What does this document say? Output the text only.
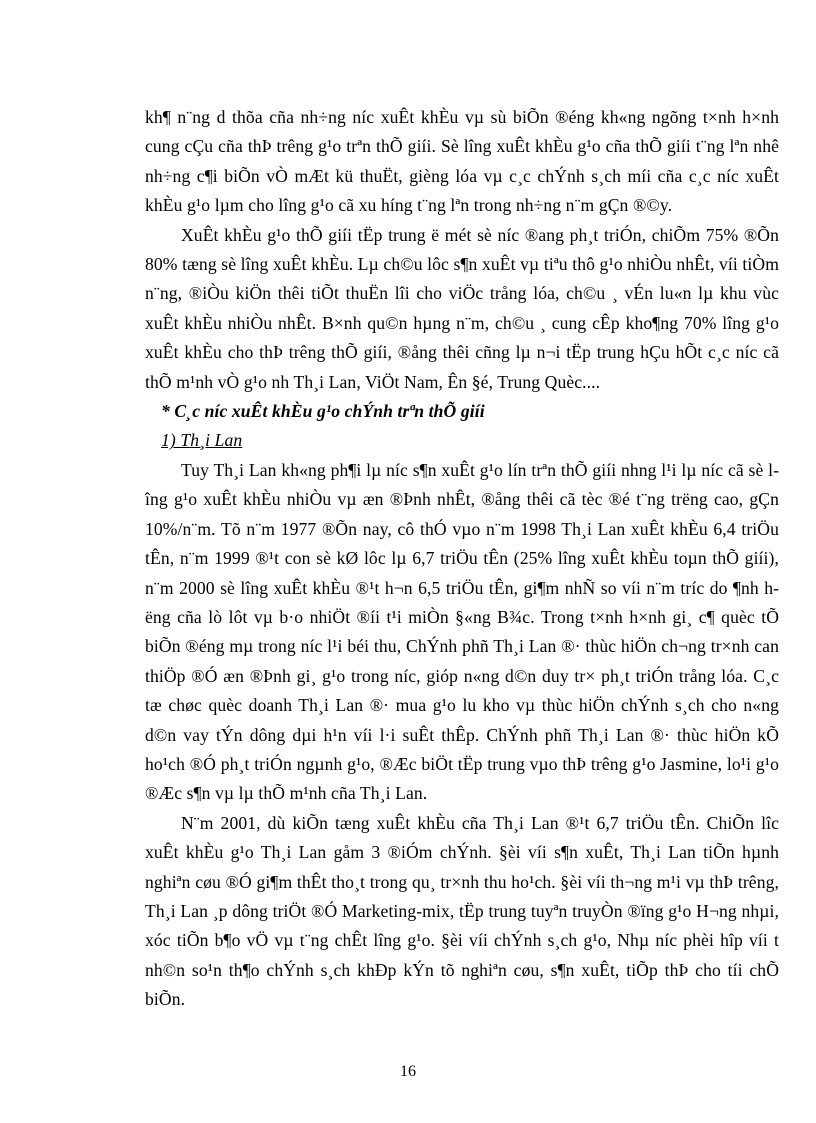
kh¶ n¨ng d thõa cña nh÷ng níc xuÊt khÈu vµ sù biÕn ®éng kh«ng ngõng t×nh h×nh cung cÇu cña thÞ trêng g¹o trªn thÕ giíi. Sè lîng xuÊt khÈu g¹o cña thÕ giíi t¨ng lªn nhê nh÷ng c¶i biÕn vÒ mÆt kü thuËt, gièng lóa vµ c¸c chÝnh s¸ch míi cña c¸c níc xuÊt khÈu g¹o lµm cho lîng g¹o cã xu híng t¨ng lªn trong nh÷ng n¨m gÇn ®©y.

XuÊt khÈu g¹o thÕ giíi tËp trung ë mét sè níc ®ang ph¸t triÓn, chiÕm 75% ®Õn 80% tæng sè lîng xuÊt khÈu. Lµ ch©u lôc s¶n xuÊt vµ tiªu thô g¹o nhiÒu nhÊt, víi tiÒm n¨ng, ®iÒu kiÖn thêi tiÕt thuËn lîi cho viÖc trång lóa, ch©u ¸ vÉn lu«n lµ khu vùc xuÊt khÈu nhiÒu nhÊt. B×nh qu©n hµng n¨m, ch©u ¸ cung cÊp kho¶ng 70% lîng g¹o xuÊt khÈu cho thÞ trêng thÕ giíi, ®ång thêi cñng lµ n¬i tËp trung hÇu hÕt c¸c níc cã thÕ m¹nh vÒ g¹o nh Th¸i Lan, ViÖt Nam, Ên §é, Trung Quèc....

* C¸c níc xuÊt khÈu g¹o chÝnh trªn thÕ giíi

1) Th¸i Lan

Tuy Th¸i Lan kh«ng ph¶i lµ níc s¶n xuÊt g¹o lín trªn thÕ giíi nhng l¹i lµ níc cã sè lîng g¹o xuÊt khÈu nhiÒu vµ æn ®Þnh nhÊt, ®ång thêi cã tèc ®é t¨ng trëng cao, gÇn 10%/n¨m. Tõ n¨m 1977 ®Õn nay, cô thÓ vµo n¨m 1998 Th¸i Lan xuÊt khÈu 6,4 triÖu tÊn, n¨m 1999 ®¹t con sè kØ lôc lµ 6,7 triÖu tÊn (25% lîng xuÊt khÈu toµn thÕ giíi), n¨m 2000 sè lîng xuÊt khÈu ®¹t h¬n 6,5 triÖu tÊn, gi¶m nhÑ so víi n¨m tríc do ¶nh hëng cña lò lôt vµ b·o nhiÖt ®íi t¹i miÒn §«ng B¾c. Trong t×nh h×nh gi¸ c¶ quèc tÕ biÕn ®éng mµ trong níc l¹i béi thu, ChÝnh phñ Th¸i Lan ®· thùc hiÖn ch¬ng tr×nh can thiÖp ®Ó æn ®Þnh gi¸ g¹o trong níc, gióp n«ng d©n duy tr× ph¸t triÓn trång lóa. C¸c tæ chøc quèc doanh Th¸i Lan ®· mua g¹o lu kho vµ thùc hiÖn chÝnh s¸ch cho n«ng d©n vay tÝn dông dµi h¹n víi l·i suÊt thÊp. ChÝnh phñ Th¸i Lan ®· thùc hiÖn kÕ ho¹ch ®Ó ph¸t triÓn ngµnh g¹o, ®Æc biÖt tËp trung vµo thÞ trêng g¹o Jasmine, lo¹i g¹o ®Æc s¶n vµ lµ thÕ m¹nh cña Th¸i Lan.

N¨m 2001, dù kiÕn tæng xuÊt khÈu cña Th¸i Lan ®¹t 6,7 triÖu tÊn. ChiÕn lîc xuÊt khÈu g¹o Th¸i Lan gåm 3 ®iÓm chÝnh. §èi víi s¶n xuÊt, Th¸i Lan tiÕn hµnh nghiªn cøu ®Ó gi¶m thÊt tho¸t trong qu¸ tr×nh thu ho¹ch. §èi víi th¬ng m¹i vµ thÞ trêng, Th¸i Lan ¸p dông triÖt ®Ó Marketing-mix, tËp trung tuyªn truyÒn ®ïng g¹o H¬ng nhµi, xóc tiÕn b¶o vÖ vµ t¨ng chÊt lîng g¹o. §èi víi chÝnh s¸ch g¹o, Nhµ níc phèi hîp víi t nh©n so¹n th¶o chÝnh s¸ch khÐp kÝn tõ nghiªn cøu, s¶n xuÊt, tiÕp thÞ cho tíi chÕ biÕn.

16
